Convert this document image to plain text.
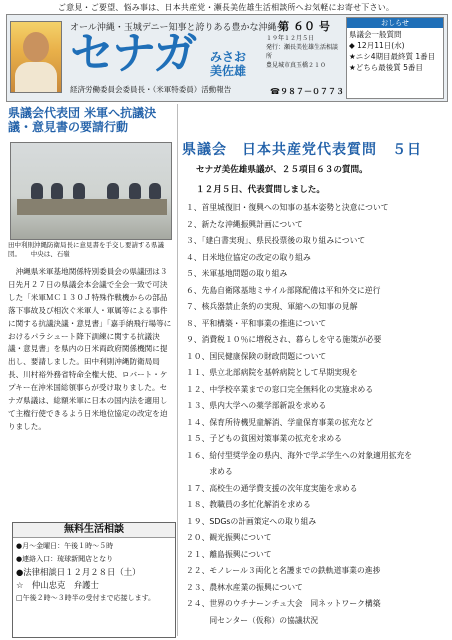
ご意見・ご要望、悩み事は、日本共産党・瀬長美佐雄生活相談所へお気軽にお寄せ下さい。
オール沖縄・玉城デニー知事と誇りある豊かな沖縄へ
セナガ みさお
美佐雄
経済労働委員会委員長・（米軍特委員）活動報告
第 ６０ 号
１９年１２月５日
発行：瀬長美佐雄生活相談所
豊見城市真玉橋２１０
☎９８７－０７７３
おしらせ
県議会一般質問
◆ 12月11日(水)
★ニシ4期目最終質 1番目
★どちら最後質 5番目
県議会代表団 米軍へ抗議決議・意見書の要請行動
田中利則沖縄防衛局長に意見書を手交し要請する県議団。　　中央は、石嶺

沖縄県米軍基地関係特別委員会の県議団は３日先月２７日の県議会本会議で全会一致で可決した「米軍ＭＣ１３０Ｊ特殊作戦機からの部品落下事故及び相次ぐ米軍人・軍属等による事件に関する抗議決議・意見書」「嘉手納飛行場等におけるパラシュート降下訓練に関する抗議決議・意見書」を県内の日米両政府関係機関に提出し、要請しました。田中利則沖縄防衛局局長、川村裕外務省特命全権大使、ロバート・ケプキー在沖米国総領事らが受け取りました。セナガ県議は、総額米軍に日本の国内法を適用して主権行使できるよう日米地位協定の改定を迫りました。

無料生活相談
●月～金曜日：午後１時～５時
●連絡入口：琉球新聞店となり
●法律相談日１２月２８日（土）
☆　仲山忠克　弁護士
□午後２時～３時半の受付まで応接します。
県議会　日本共産党代表質問　５日
セナガ美佐雄県議が、２５項目６３の質問。
１２月５日、代表質問しました。
１、首里城復旧・復興への知事の基本姿勢と決意について
２、新たな沖縄振興計画について
３、「建白書実現」、県民投票後の取り組みについて
４、日米地位協定の改定の取り組み
５、米軍基地問題の取り組み
６、先島自衛隊基地ミサイル部隊配備は平和外交に逆行
７、核兵器禁止条約の実現、軍縮への知事の見解
８、平和構築・平和事業の推進について
９、消費税１０％に増税され、暮らしを守る施策が必要
１０、国民健康保険の財政問題について
１１、県立北部病院を基幹病院として早期実現を
１２、中学校卒業までの窓口完全無料化の実施求める
１３、県内大学への薬学部新設を求める
１４、保育所待機児童解消、学童保育事業の拡充など
１５、子どもの貧困対策事業の拡充を求める
１６、給付型奨学金の県内、海外で学ぶ学生への対象適用拡充を
　　　求める
１７、高校生の通学費支援の次年度実施を求める
１８、教職員の多忙化解消を求める
１９、SDGsの計画策定への取り組み
２０、観光振興について
２１、離島振興について
２２、モノレール３両化と名護までの鉄軌道事業の進捗
２３、農林水産業の振興について
２４、世界のウチナーンチュ大会　同ネットワーク構築
　　　同センター（仮称）の協議状況
